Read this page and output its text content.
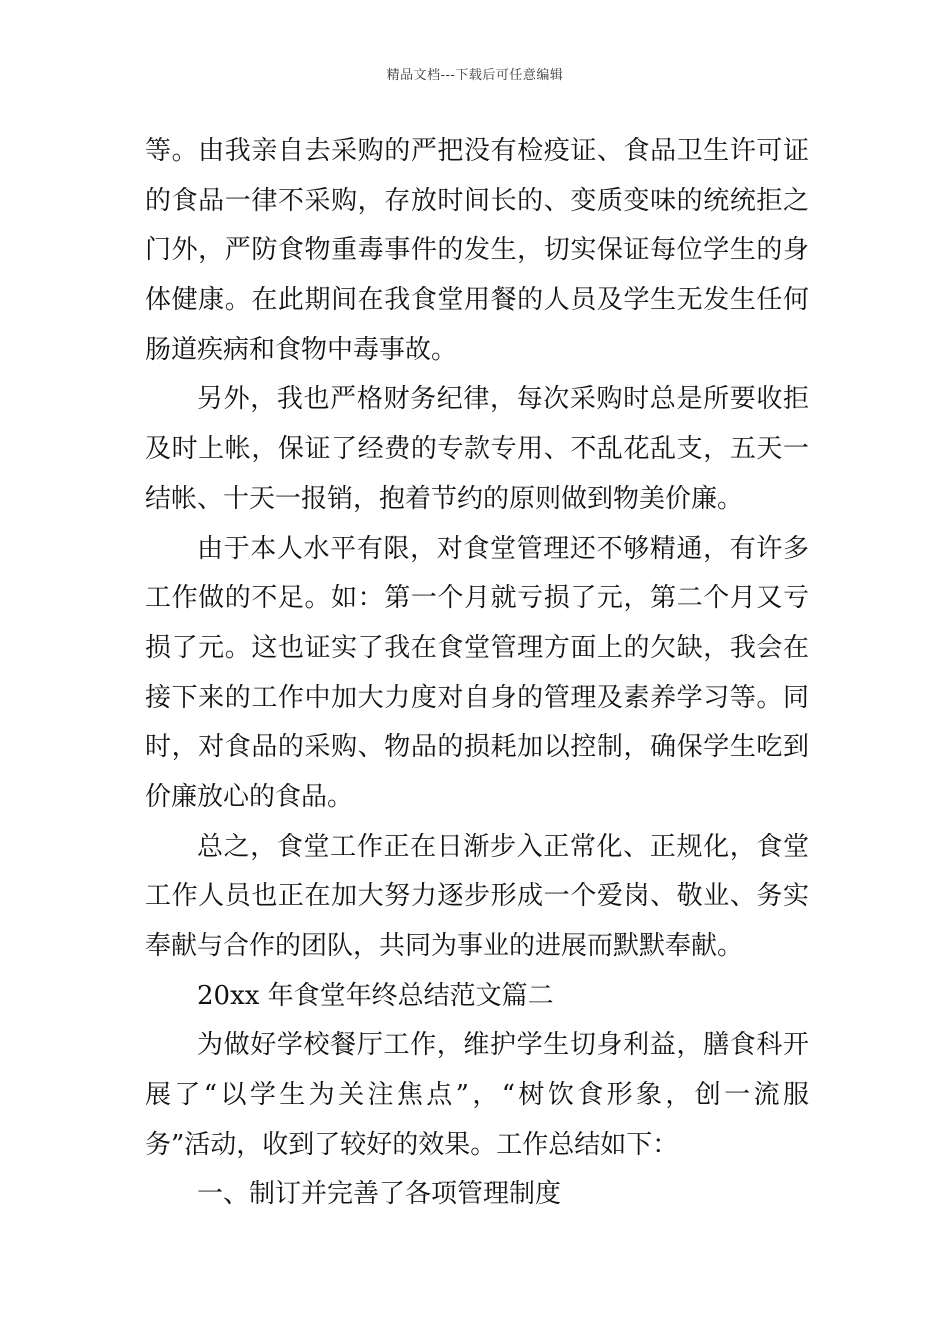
精品文档---下载后可任意编辑
等。由我亲自去采购的严把没有检疫证、食品卫生许可证
的食品一律不采购，存放时间长的、变质变味的统统拒之
门外，严防食物重毒事件的发生，切实保证每位学生的身
体健康。在此期间在我食堂用餐的人员及学生无发生任何
肠道疾病和食物中毒事故。
另外，我也严格财务纪律，每次采购时总是所要收拒
及时上帐，保证了经费的专款专用、不乱花乱支，五天一
结帐、十天一报销，抱着节约的原则做到物美价廉。
由于本人水平有限，对食堂管理还不够精通，有许多
工作做的不足。如：第一个月就亏损了元，第二个月又亏
损了元。这也证实了我在食堂管理方面上的欠缺，我会在
接下来的工作中加大力度对自身的管理及素养学习等。同
时，对食品的采购、物品的损耗加以控制，确保学生吃到
价廉放心的食品。
总之，食堂工作正在日渐步入正常化、正规化，食堂
工作人员也正在加大努力逐步形成一个爱岗、敬业、务实
奉献与合作的团队，共同为事业的进展而默默奉献。
20xx 年食堂年终总结范文篇二
为做好学校餐厅工作，维护学生切身利益，膳食科开
展了“以学生为关注焦点”，“树饮食形象，创一流服
务”活动，收到了较好的效果。工作总结如下：
一、制订并完善了各项管理制度
